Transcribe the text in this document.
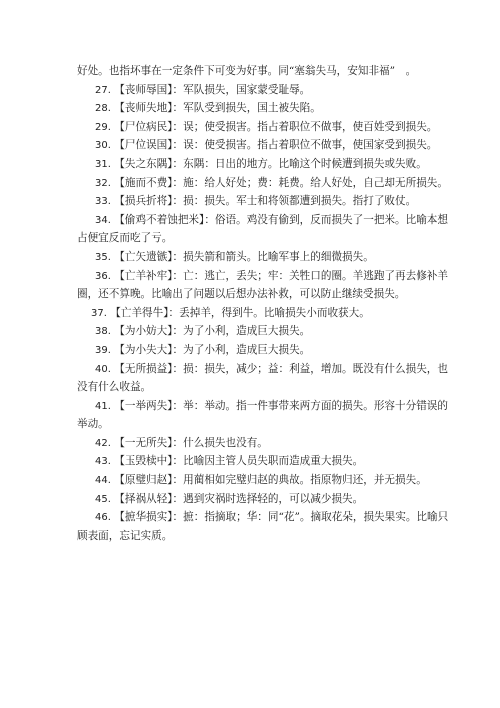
好处。也指坏事在一定条件下可变为好事。同“塞翁失马，安知非福”　。
27. 【丧师辱国】：军队损失，国家蒙受耻辱。
28. 【丧师失地】：军队受到损失，国土被失陷。
29. 【尸位病民】：误；使受损害。指占着职位不做事，使百姓受到损失。
30. 【尸位误国】：误：使受损害。指占着职位不做事，使国家受到损失。
31. 【失之东隅】：东隅：日出的地方。比喻这个时候遭到损失或失败。
32. 【施而不费】：施：给人好处；费：耗费。给人好处，自己却无所损失。
33. 【损兵折将】：损：损失。军士和将领都遭到损失。指打了败仗。
34. 【偷鸡不着蚀把米】：俗语。鸡没有偷到，反而损失了一把米。比喻本想
占便宜反而吃了亏。
35. 【亡矢遗镞】：损失箭和箭头。比喻军事上的细微损失。
36. 【亡羊补牢】：亡：逃亡，丢失；牢：关牲口的圈。羊逃跑了再去修补羊
圈，还不算晚。比喻出了问题以后想办法补救，可以防止继续受损失。
37. 【亡羊得牛】：丢掉羊，得到牛。比喻损失小而收获大。
38. 【为小妨大】：为了小利，造成巨大损失。
39. 【为小失大】：为了小利，造成巨大损失。
40. 【无所损益】：损：损失，减少；益：利益，增加。既没有什么损失，也
没有什么收益。
41. 【一举两失】：举：举动。指一件事带来两方面的损失。形容十分错误的
举动。
42. 【一无所失】：什么损失也没有。
43. 【玉毁椟中】：比喻因主管人员失职而造成重大损失。
44. 【原璧归赵】：用蔺相如完璧归赵的典故。指原物归还，并无损失。
45. 【择祸从轻】：遇到灾祸时选择轻的，可以减少损失。
46. 【摭华损实】：摭：指摘取；华：同“花”。摘取花朵，损失果实。比喻只
顾表面，忘记实质。
